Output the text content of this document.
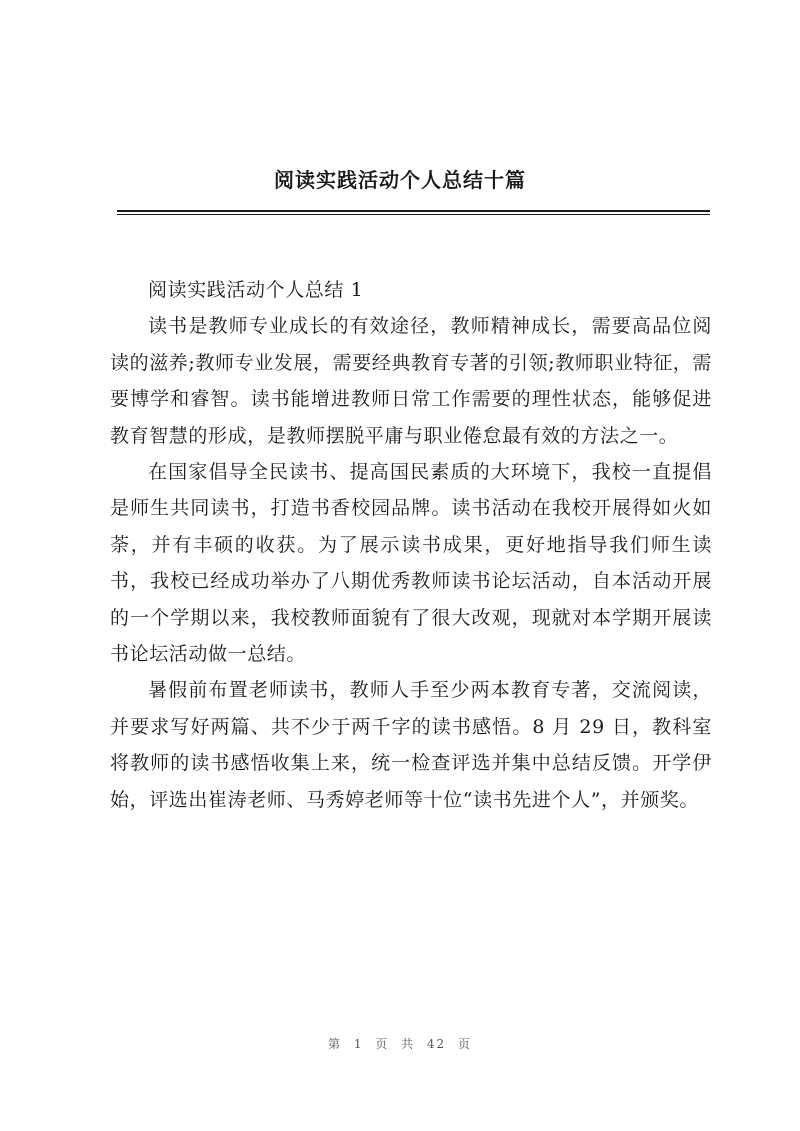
阅读实践活动个人总结十篇

阅读实践活动个人总结 1

读书是教师专业成长的有效途径，教师精神成长，需要高品位阅读的滋养;教师专业发展，需要经典教育专著的引领;教师职业特征，需要博学和睿智。读书能增进教师日常工作需要的理性状态，能够促进教育智慧的形成，是教师摆脱平庸与职业倦怠最有效的方法之一。

在国家倡导全民读书、提高国民素质的大环境下，我校一直提倡是师生共同读书，打造书香校园品牌。读书活动在我校开展得如火如荼，并有丰硕的收获。为了展示读书成果，更好地指导我们师生读书，我校已经成功举办了八期优秀教师读书论坛活动，自本活动开展的一个学期以来，我校教师面貌有了很大改观，现就对本学期开展读书论坛活动做一总结。

暑假前布置老师读书，教师人手至少两本教育专著，交流阅读，并要求写好两篇、共不少于两千字的读书感悟。8 月 29 日，教科室将教师的读书感悟收集上来，统一检查评选并集中总结反馈。开学伊始，评选出崔涛老师、马秀婷老师等十位“读书先进个人”，并颁奖。

第 1 页 共 42 页
